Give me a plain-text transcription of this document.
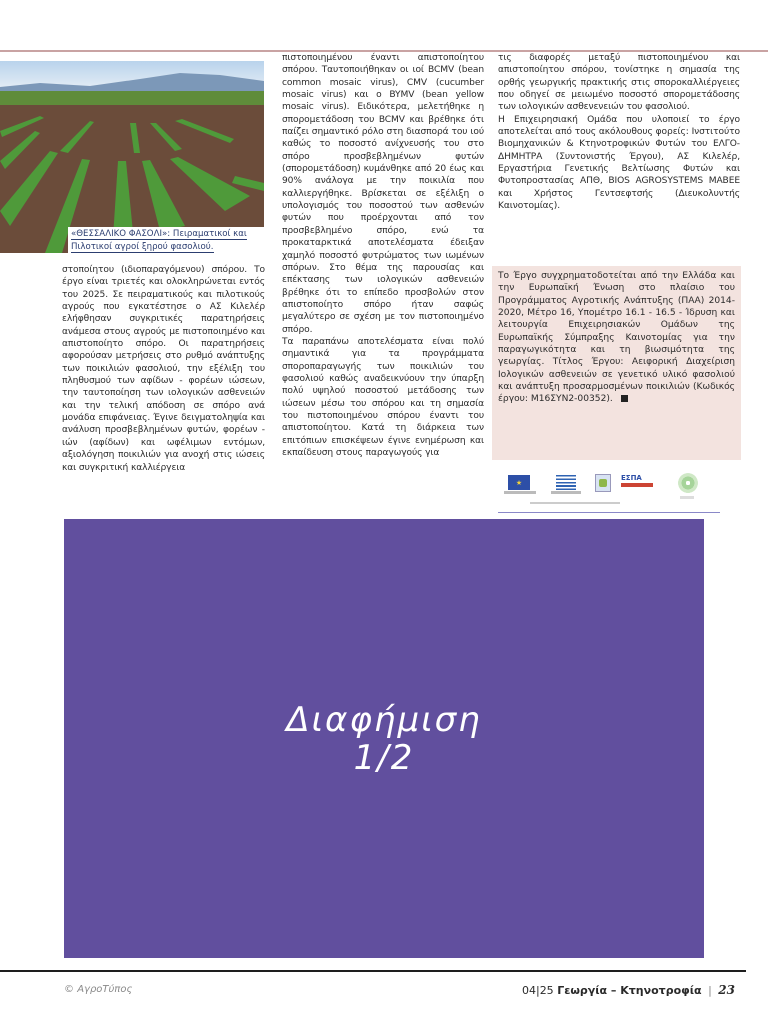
«ΘΕΣΣΑΛΙΚΟ ΦΑΣΟΛΙ»: Πειραματικοί και Πιλοτικοί αγροί ξηρού φασολιού.

στοποίητου (ιδιοπαραγόμενου) σπόρου. Το έργο είναι τριετές και ολοκληρώνεται εντός του 2025. Σε πειραματικούς και πιλοτικούς αγρούς που εγκατέστησε ο ΑΣ Κιλελέρ ελήφθησαν συγκριτικές παρατηρήσεις ανάμεσα στους αγρούς με πιστοποιημένο και απιστοποίητο σπόρο. Οι παρατηρήσεις αφορούσαν μετρήσεις στο ρυθμό ανάπτυξης των ποικιλιών φασολιού, την εξέλιξη του πληθυσμού των αφίδων - φορέων ιώσεων, την ταυτοποίηση των ιολογικών ασθενειών και την τελική απόδοση σε σπόρο ανά μονάδα επιφάνειας. Έγινε δειγματοληψία και ανάλυση προσβεβλημένων φυτών, φορέων - ιών (αφίδων) και ωφέλιμων εντόμων, αξιολόγηση ποικιλιών για ανοχή στις ιώσεις και συγκριτική καλλιέργεια

πιστοποιημένου έναντι απιστοποίητου σπόρου. Ταυτοποιήθηκαν οι ιοί BCMV (bean common mosaic virus), CMV (cucumber mosaic virus) και ο BYMV (bean yellow mosaic virus). Ειδικότερα, μελετήθηκε η σπορομετάδοση του BCMV και βρέθηκε ότι παίζει σημαντικό ρόλο στη διασπορά του ιού καθώς το ποσοστό ανίχνευσής του στο σπόρο προσβεβλημένων φυτών (σπορομετάδοση) κυμάνθηκε από 20 έως και 90% ανάλογα με την ποικιλία που καλλιεργήθηκε. Βρίσκεται σε εξέλιξη ο υπολογισμός του ποσοστού των ασθενών φυτών που προέρχονται από τον προσβεβλημένο σπόρο, ενώ τα προκαταρκτικά αποτελέσματα έδειξαν χαμηλό ποσοστό φυτρώματος των ιωμένων σπόρων. Στο θέμα της παρουσίας και επέκτασης των ιολογικών ασθενειών βρέθηκε ότι το επίπεδο προσβολών στον απιστοποίητο σπόρο ήταν σαφώς μεγαλύτερο σε σχέση με τον πιστοποιημένο σπόρο.

Τα παραπάνω αποτελέσματα είναι πολύ σημαντικά για τα προγράμματα σποροπαραγωγής των ποικιλιών του φασολιού καθώς αναδεικνύουν την ύπαρξη πολύ υψηλού ποσοστού μετάδοσης των ιώσεων μέσω του σπόρου και τη σημασία του πιστοποιημένου σπόρου έναντι του απιστοποίητου. Κατά τη διάρκεια των επιτόπιων επισκέψεων έγινε ενημέρωση και εκπαίδευση στους παραγωγούς για

τις διαφορές μεταξύ πιστοποιημένου και απιστοποίητου σπόρου, τονίστηκε η σημασία της ορθής γεωργικής πρακτικής στις σποροκαλλιέργειες που οδηγεί σε μειωμένο ποσοστό σπορομετάδοσης των ιολογικών ασθενενειών του φασολιού.

Η Επιχειρησιακή Ομάδα που υλοποιεί το έργο αποτελείται από τους ακόλουθους φορείς: Ινστιτούτο Βιομηχανικών & Κτηνοτροφικών Φυτών του ΕΛΓΟ-ΔΗΜΗΤΡΑ (Συντονιστής Έργου), ΑΣ Κιλελέρ, Εργαστήρια Γενετικής Βελτίωσης Φυτών και Φυτοπροστασίας ΑΠΘ, BIOS AGROSYSTEMS ΜΑΒΕΕ και Χρήστος Γεντσεφτσής (Διευκολυντής Καινοτομίας).

Το Έργο συγχρηματοδοτείται από την Ελλάδα και την Ευρωπαϊκή Ένωση στο πλαίσιο του Προγράμματος Αγροτικής Ανάπτυξης (ΠΑΑ) 2014-2020, Μέτρο 16, Υπομέτρο 16.1 - 16.5 - Ίδρυση και λειτουργία Επιχειρησιακών Ομάδων της Ευρωπαϊκής Σύμπραξης Καινοτομίας για την παραγωγικότητα και τη βιωσιμότητα της γεωργίας. Τίτλος Έργου: Αειφορική Διαχείριση Ιολογικών ασθενειών σε γενετικό υλικό φασολιού και ανάπτυξη προσαρμοσμένων ποικιλιών (Κωδικός έργου: Μ16ΣΥΝ2-00352).
★
ΕΣΠΑ
Διαφήμιση
1/2
© ΑγροΤύπος	04|25 Γεωργία – Κτηνοτροφία | 23
